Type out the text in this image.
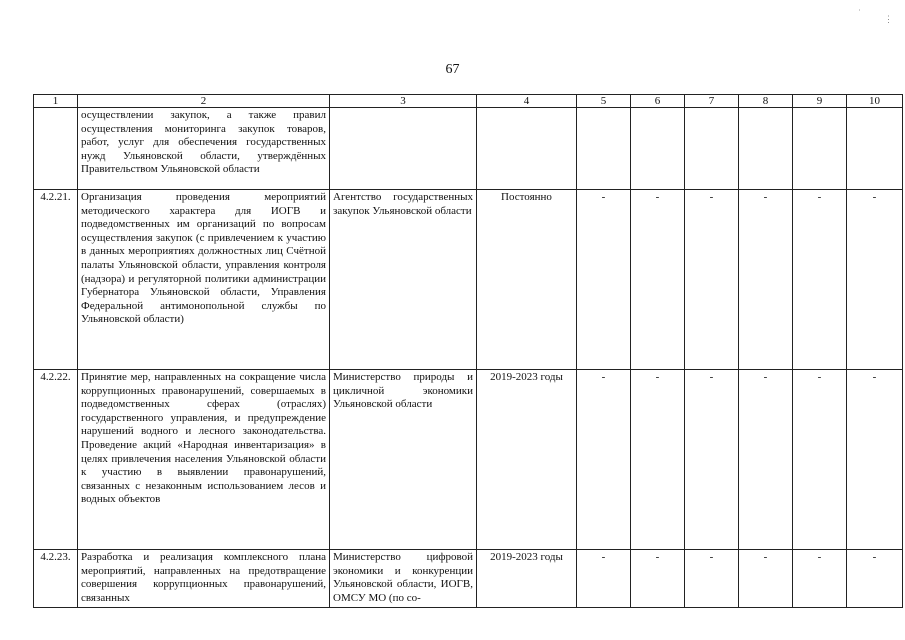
˙
⋮
67
1	2	3	4	5	6	7	8	9	10
	осуществлении закупок, а также правил осуществления мониторинга закупок товаров, работ, услуг для обеспечения государственных нужд Ульяновской области, утверждённых Правительством Ульяновской области								
4.2.21.	Организация проведения мероприятий методического характера для ИОГВ и подведомственных им организаций по вопросам осуществления закупок (с привлечением к участию в данных мероприятиях должностных лиц Счётной палаты Ульяновской области, управления контроля (надзора) и регуляторной политики администрации Губернатора Ульяновской области, Управления Федеральной антимонопольной службы по Ульяновской области)	Агентство государственных закупок Ульяновской области	Постоянно	-	-	-	-	-	-
4.2.22.	Принятие мер, направленных на сокращение числа коррупционных правонарушений, совершаемых в подведомственных сферах (отраслях) государственного управления, и предупреждение нарушений водного и лесного законодательства. Проведение акций «Народная инвентаризация» в целях привлечения населения Ульяновской области к участию в выявлении правонарушений, связанных с незаконным использованием лесов и водных объектов	Министерство природы и цикличной экономики Ульяновской области	2019-2023 годы	-	-	-	-	-	-
4.2.23.	Разработка и реализация комплексного плана мероприятий, направленных на предотвращение совершения коррупционных правонарушений, связанных	Министерство цифровой экономики и конкуренции Ульяновской области, ИОГВ, ОМСУ МО (по со-	2019-2023 годы	-	-	-	-	-	-
